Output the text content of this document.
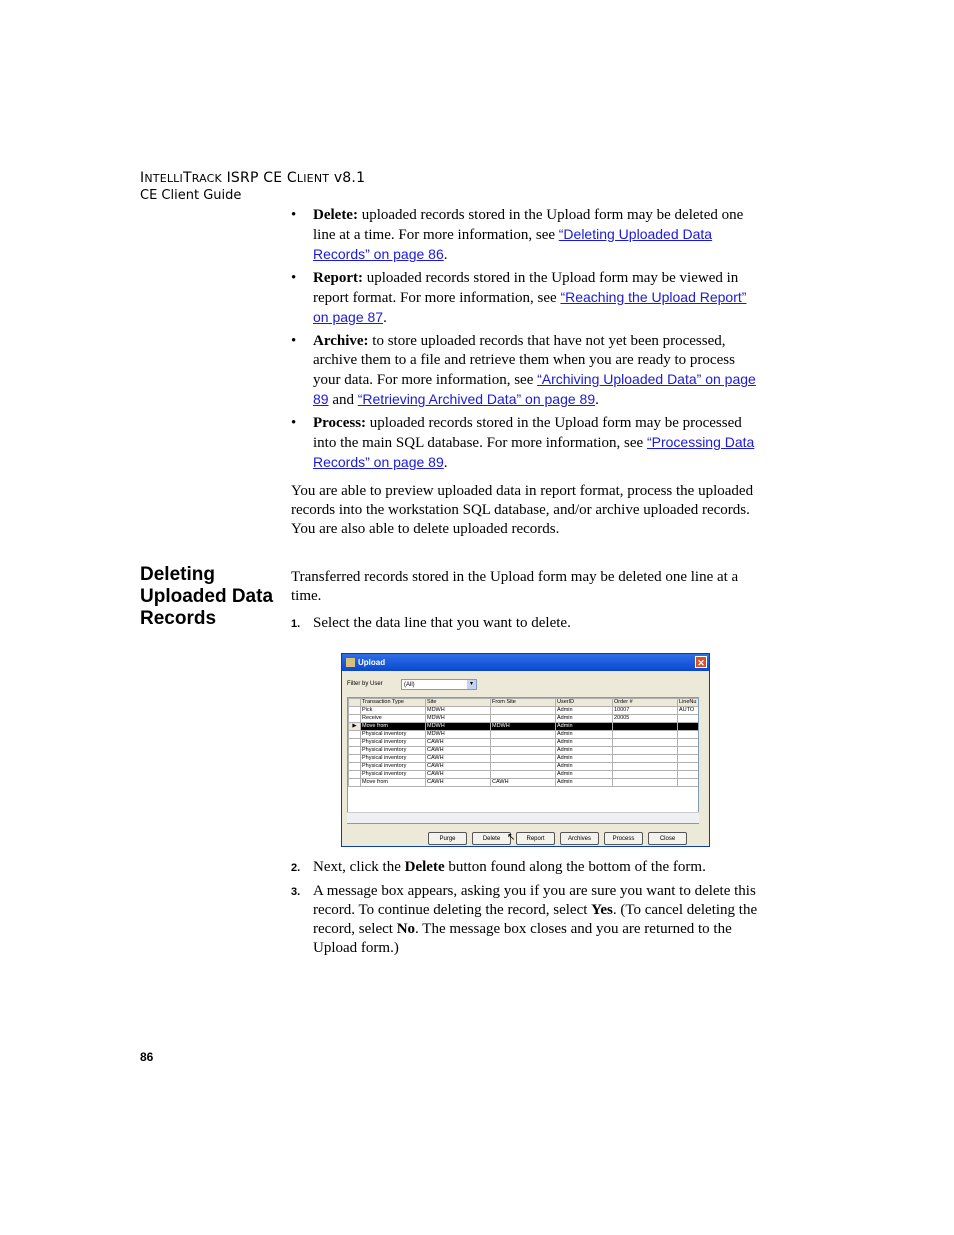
INTELLITRACK ISRP CE CLIENT v8.1
CE Client Guide
• Delete: uploaded records stored in the Upload form may be deleted one line at a time. For more information, see “Deleting Uploaded Data Records” on page 86.
• Report: uploaded records stored in the Upload form may be viewed in report format. For more information, see “Reaching the Upload Report” on page 87.
• Archive: to store uploaded records that have not yet been processed, archive them to a file and retrieve them when you are ready to process your data. For more information, see “Archiving Uploaded Data” on page 89 and “Retrieving Archived Data” on page 89.
• Process: uploaded records stored in the Upload form may be processed into the main SQL database. For more information, see “Processing Data Records” on page 89.
You are able to preview uploaded data in report format, process the uploaded records into the workstation SQL database, and/or archive uploaded records. You are also able to delete uploaded records.
Deleting Uploaded Data Records
Transferred records stored in the Upload form may be deleted one line at a time.
1. Select the data line that you want to delete.
Upload	✕
Filter by User	(All)	▾
	Transaction Type	Site	From Site	UserID	Order #	LineNu
	Pick	MDWH		Admin	10007	AUTO
	Receive	MDWH		Admin	20005	
▶	Move from	MDWH	MDWH	Admin		
	Physical inventory	MDWH		Admin		
	Physical inventory	CAWH		Admin		
	Physical inventory	CAWH		Admin		
	Physical inventory	CAWH		Admin		
	Physical inventory	CAWH		Admin		
	Physical inventory	CAWH		Admin		
	Move from	CAWH	CAWH	Admin		
Purge	Delete	Report	Archives	Process	Close
↖
2. Next, click the Delete button found along the bottom of the form.
3. A message box appears, asking you if you are sure you want to delete this record. To continue deleting the record, select Yes. (To cancel deleting the record, select No. The message box closes and you are returned to the Upload form.)
86
